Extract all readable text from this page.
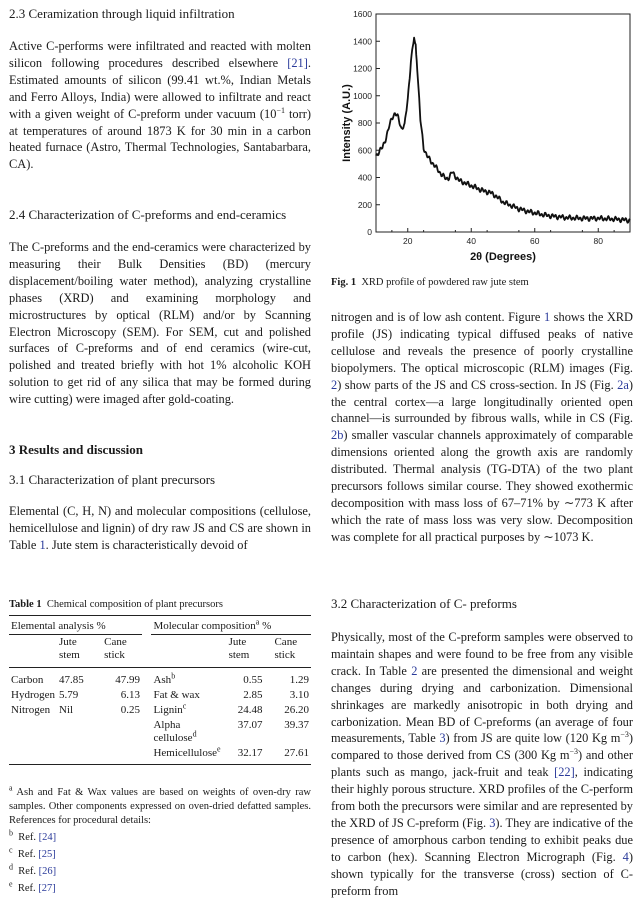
2.3 Ceramization through liquid infiltration
Active C-performs were infiltrated and reacted with molten silicon following procedures described elsewhere [21]. Estimated amounts of silicon (99.41 wt.%, Indian Metals and Ferro Alloys, India) were allowed to infiltrate and react with a given weight of C-preform under vacuum ($10^{-1}$ torr) at temperatures of around 1873 K for 30 min in a carbon heated furnace (Astro, Thermal Technologies, Santabarbara, CA).
2.4 Characterization of C-preforms and end-ceramics
The C-preforms and the end-ceramics were characterized by measuring their Bulk Densities (BD) (mercury displacement/boiling water method), analyzing crystalline phases (XRD) and examining morphology and microstructures by optical (RLM) and/or by Scanning Electron Microscopy (SEM). For SEM, cut and polished surfaces of C-preforms and of end ceramics (wire-cut, polished and treated briefly with hot 1% alcoholic KOH solution to get rid of any silica that may be formed during wire cutting) were imaged after gold-coating.
3 Results and discussion
3.1 Characterization of plant precursors
Elemental (C, H, N) and molecular compositions (cellulose, hemicellulose and lignin) of dry raw JS and CS are shown in Table 1. Jute stem is characteristically devoid of
Table 1 Chemical composition of plant precursors
Elemental analysis %				Molecular composition$^a$ %		
	Jute stem	Cane stick			Jute stem	Cane stick
Carbon	47.85	47.99		Ash$^b$	0.55	1.29
Hydrogen	5.79	6.13		Fat & wax	2.85	3.10
Nitrogen	Nil	0.25		Lignin$^c$	24.48	26.20
				Alpha cellulose$^d$	37.07	39.37
				Hemicellulose$^e$	32.17	27.61
$^a$ Ash and Fat & Wax values are based on weights of oven-dry raw samples. Other components expressed on oven-dried defatted samples. References for procedural details:
$^b$ Ref. [24]
$^c$ Ref. [25]
$^d$ Ref. [26]
$^e$ Ref. [27]
0
200
400
600
800
1000
1200
1400
1600
20	40	60	80
2θ (Degrees)
Intensity (A.U.)
Fig. 1 XRD profile of powdered raw jute stem
nitrogen and is of low ash content. Figure 1 shows the XRD profile (JS) indicating typical diffused peaks of native cellulose and reveals the presence of poorly crystalline biopolymers. The optical microscopic (RLM) images (Fig. 2) show parts of the JS and CS cross-section. In JS (Fig. 2a) the central cortex—a large longitudinally oriented open channel—is surrounded by fibrous walls, while in CS (Fig. 2b) smaller vascular channels approximately of comparable dimensions oriented along the growth axis are randomly distributed. Thermal analysis (TG-DTA) of the two plant precursors follows similar course. They showed exothermic decomposition with mass loss of 67–71% by ∼773 K after which the rate of mass loss was very slow. Decomposition was complete for all practical purposes by ∼1073 K.
3.2 Characterization of C- preforms
Physically, most of the C-preform samples were observed to maintain shapes and were found to be free from any visible crack. In Table 2 are presented the dimensional and weight changes during drying and carbonization. Dimensional shrinkages are markedly anisotropic in both drying and carbonization. Mean BD of C-preforms (an average of four measurements, Table 3) from JS are quite low (120 Kg $m^{-3}$) compared to those derived from CS (300 Kg $m^{-3}$) and other plants such as mango, jack-fruit and teak [22], indicating their highly porous structure. XRD profiles of the C-perform from both the precursors were similar and are represented by the XRD of JS C-preform (Fig. 3). They are indicative of the presence of amorphous carbon tending to exhibit peaks due to carbon (hex). Scanning Electron Micrograph (Fig. 4) shown typically for the transverse (cross) section of C-preform from
